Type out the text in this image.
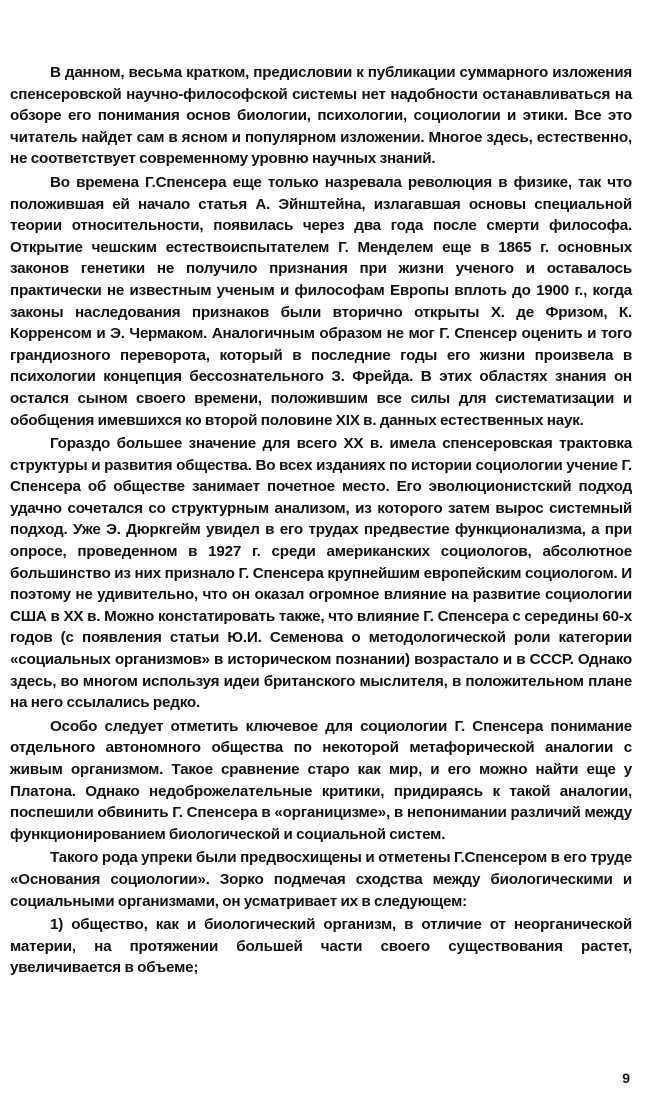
В данном, весьма кратком, предисловии к публикации суммарного изложения спенсеровской научно-философской системы нет надобности останавливаться на обзоре его понимания основ биологии, психологии, социологии и этики. Все это читатель найдет сам в ясном и популярном изложении. Многое здесь, естественно, не соответствует современному уровню научных знаний.

Во времена Г.Спенсера еще только назревала революция в физике, так что положившая ей начало статья А. Эйнштейна, излагавшая основы специальной теории относительности, появилась через два года после смерти философа. Открытие чешским естествоиспытателем Г. Менделем еще в 1865 г. основных законов генетики не получило признания при жизни ученого и оставалось практически не известным ученым и философам Европы вплоть до 1900 г., когда законы наследования признаков были вторично открыты Х. де Фризом, К. Корренсом и Э. Чермаком. Аналогичным образом не мог Г. Спенсер оценить и того грандиозного переворота, который в последние годы его жизни произвела в психологии концепция бессознательного З. Фрейда. В этих областях знания он остался сыном своего времени, положившим все силы для систематизации и обобщения имевшихся ко второй половине XIX в. данных естественных наук.

Гораздо большее значение для всего XX в. имела спенсеровская трактовка структуры и развития общества. Во всех изданиях по истории социологии учение Г. Спенсера об обществе занимает почетное место. Его эволюционистский подход удачно сочетался со структурным анализом, из которого затем вырос системный подход. Уже Э. Дюркгейм увидел в его трудах предвестие функционализма, а при опросе, проведенном в 1927 г. среди американских социологов, абсолютное большинство из них признало Г. Спенсера крупнейшим европейским социологом. И поэтому не удивительно, что он оказал огромное влияние на развитие социологии США в XX в. Можно констатировать также, что влияние Г. Спенсера с середины 60-х годов (с появления статьи Ю.И. Семенова о методологической роли категории «социальных организмов» в историческом познании) возрастало и в СССР. Однако здесь, во многом используя идеи британского мыслителя, в положительном плане на него ссылались редко.

Особо следует отметить ключевое для социологии Г. Спенсера понимание отдельного автономного общества по некоторой метафорической аналогии с живым организмом. Такое сравнение старо как мир, и его можно найти еще у Платона. Однако недоброжелательные критики, придираясь к такой аналогии, поспешили обвинить Г. Спенсера в «органицизме», в непонимании различий между функционированием биологической и социальной систем.

Такого рода упреки были предвосхищены и отметены Г.Спенсером в его труде «Основания социологии». Зорко подмечая сходства между биологическими и социальными организмами, он усматривает их в следующем:

1) общество, как и биологический организм, в отличие от неорганической материи, на протяжении большей части своего существования растет, увеличивается в объеме;

9
